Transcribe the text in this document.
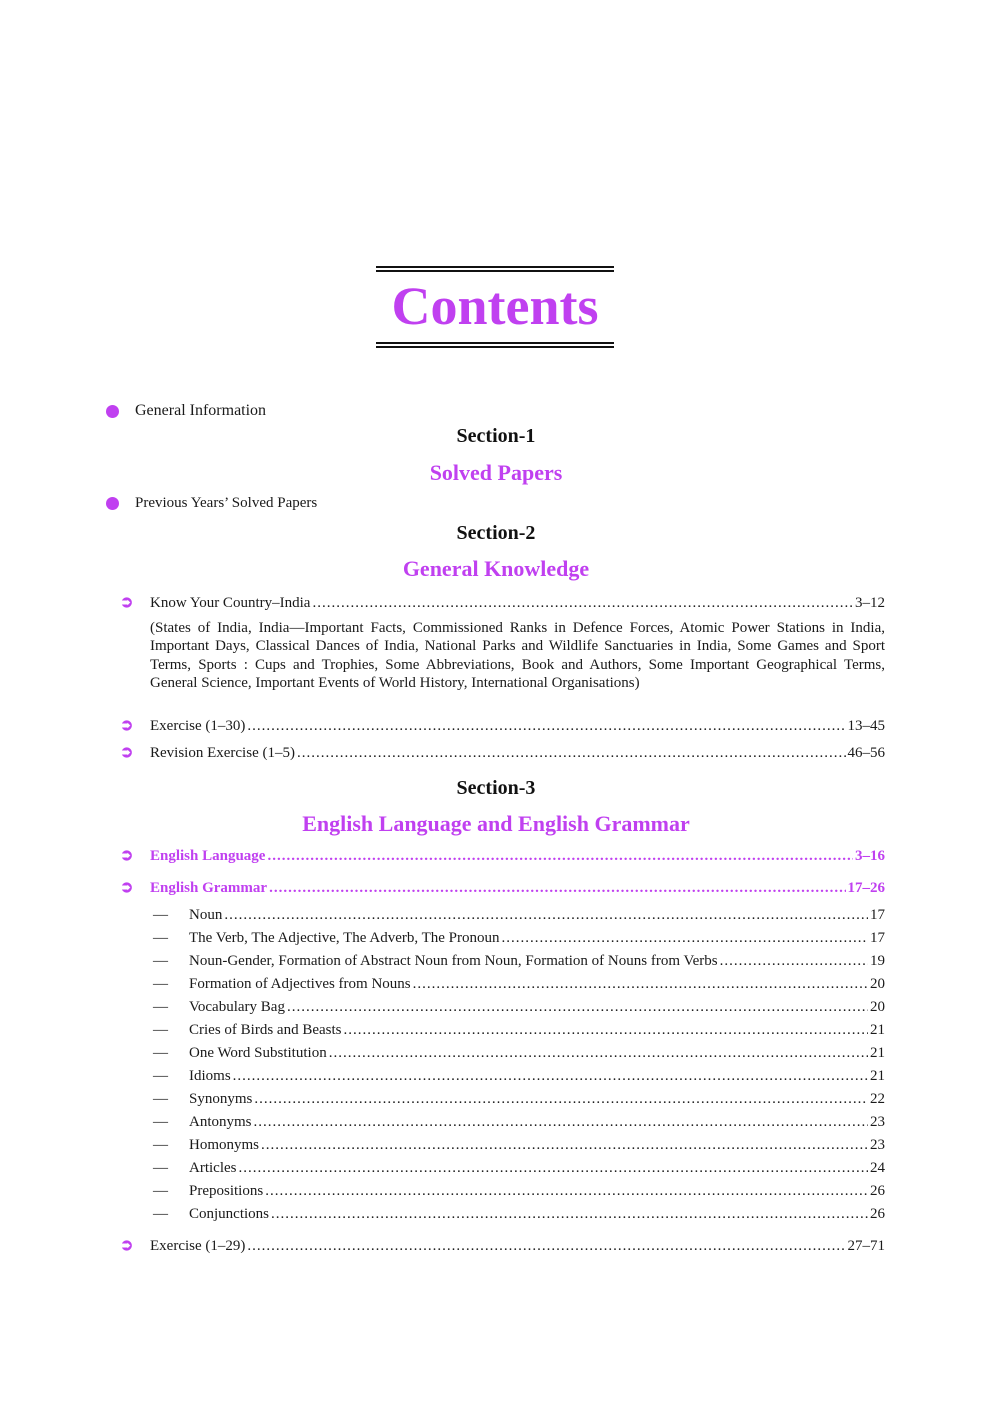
Contents
General Information
Section-1
Solved Papers
Previous Years’ Solved Papers
Section-2
General Knowledge
➲	Know Your Country–India .....	3–12
(States of India, India—Important Facts, Commissioned Ranks in Defence Forces, Atomic Power Stations in India, Important Days, Classical Dances of India, National Parks and Wildlife Sanctuaries in India, Some Games and Sport Terms, Sports : Cups and Trophies, Some Abbreviations, Book and Authors, Some Important Geographical Terms, General Science, Important Events of World History, International Organisations)
➲	Exercise (1–30) .....	13–45
➲	Revision Exercise (1–5) .....	46–56
Section-3
English Language and English Grammar
➲	English Language .....	3–16
➲	English Grammar .....	17–26
—	Noun .....	17
—	The Verb, The Adjective, The Adverb, The Pronoun .....	17
—	Noun-Gender, Formation of Abstract Noun from Noun, Formation of Nouns from Verbs .....	19
—	Formation of Adjectives from Nouns .....	20
—	Vocabulary Bag .....	20
—	Cries of Birds and Beasts .....	21
—	One Word Substitution .....	21
—	Idioms .....	21
—	Synonyms .....	22
—	Antonyms .....	23
—	Homonyms .....	23
—	Articles .....	24
—	Prepositions .....	26
—	Conjunctions .....	26
➲	Exercise (1–29) .....	27–71
